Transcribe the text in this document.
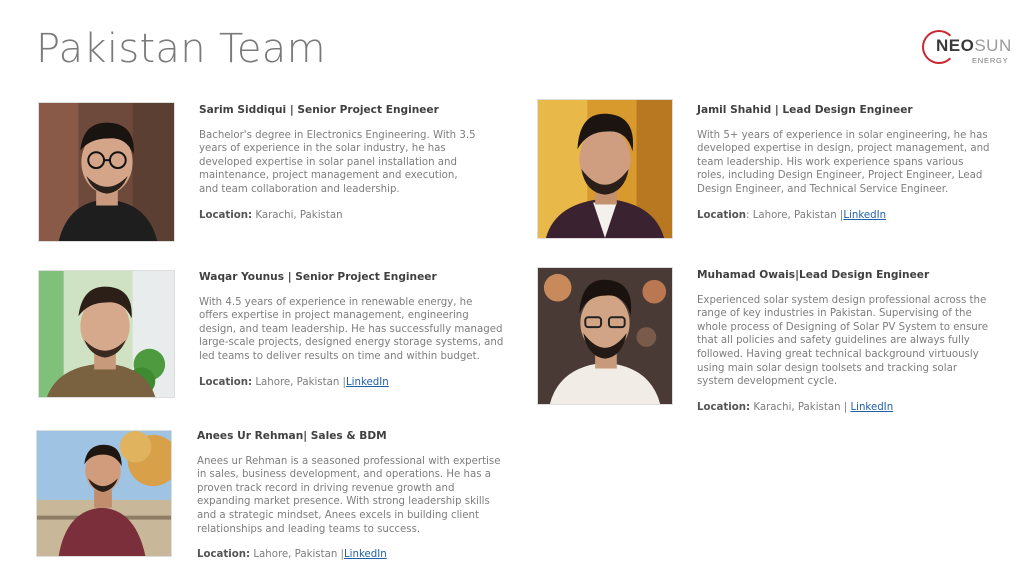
Pakistan Team	NEOSUN
ENERGY
Sarim Siddiqui | Senior Project Engineer
Bachelor's degree in Electronics Engineering. With 3.5 years of experience in the solar industry, he has developed expertise in solar panel installation and maintenance, project management and execution, and team collaboration and leadership.
Location: Karachi, Pakistan
Waqar Younus | Senior Project Engineer
With 4.5 years of experience in renewable energy, he offers expertise in project management, engineering design, and team leadership. He has successfully managed large-scale projects, designed energy storage systems, and led teams to deliver results on time and within budget.
Location: Lahore, Pakistan |LinkedIn
Anees Ur Rehman| Sales & BDM
Anees ur Rehman is a seasoned professional with expertise in sales, business development, and operations. He has a proven track record in driving revenue growth and expanding market presence. With strong leadership skills and a strategic mindset, Anees excels in building client relationships and leading teams to success.
Location: Lahore, Pakistan |LinkedIn
Jamil Shahid | Lead Design Engineer
With 5+ years of experience in solar engineering, he has developed expertise in design, project management, and team leadership. His work experience spans various roles, including Design Engineer, Project Engineer, Lead Design Engineer, and Technical Service Engineer.
Location: Lahore, Pakistan |LinkedIn
Muhamad Owais|Lead Design Engineer
Experienced solar system design professional across the range of key industries in Pakistan. Supervising of the whole process of Designing of Solar PV System to ensure that all policies and safety guidelines are always fully followed. Having great technical background virtuously using main solar design toolsets and tracking solar system development cycle.
Location: Karachi, Pakistan | LinkedIn
